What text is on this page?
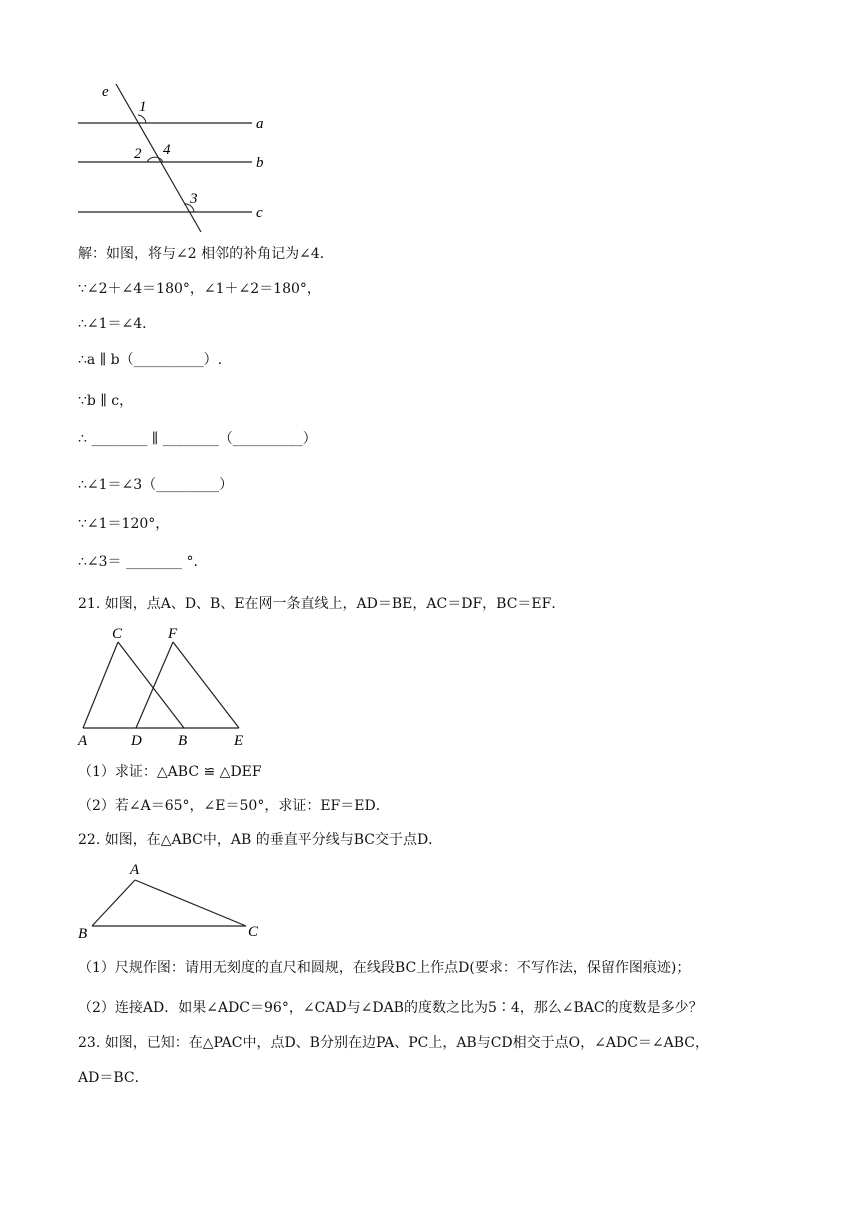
e
a
b
c
1
2 4
3
解：如图，将与∠2 相邻的补角记为∠4．
∵∠2＋∠4＝180°，∠1＋∠2＝180°，
∴∠1＝∠4．
∴a ∥ b（__________）.
∵b ∥ c，
∴ ________ ∥ ________（__________）
∴∠1＝∠3（_________）
∵∠1＝120°，
∴∠3＝ ________ °．
21. 如图，点A、D、B、E在网一条直线上，AD＝BE，AC＝DF，BC＝EF．
C	F
A	D B	E
（1）求证：△ABC ≌ △DEF
（2）若∠A＝65°，∠E＝50°，求证：EF＝ED．
22. 如图，在△ABC中，AB 的垂直平分线与BC交于点D．
A
B	C
（1）尺规作图：请用无刻度的直尺和圆规，在线段BC上作点D(要求：不写作法，保留作图痕迹)；
（2）连接AD．如果∠ADC＝96°，∠CAD与∠DAB的度数之比为5∶4，那么∠BAC的度数是多少？
23. 如图，已知：在△PAC中，点D、B分别在边PA、PC上，AB与CD相交于点O，∠ADC＝∠ABC，
AD＝BC．
